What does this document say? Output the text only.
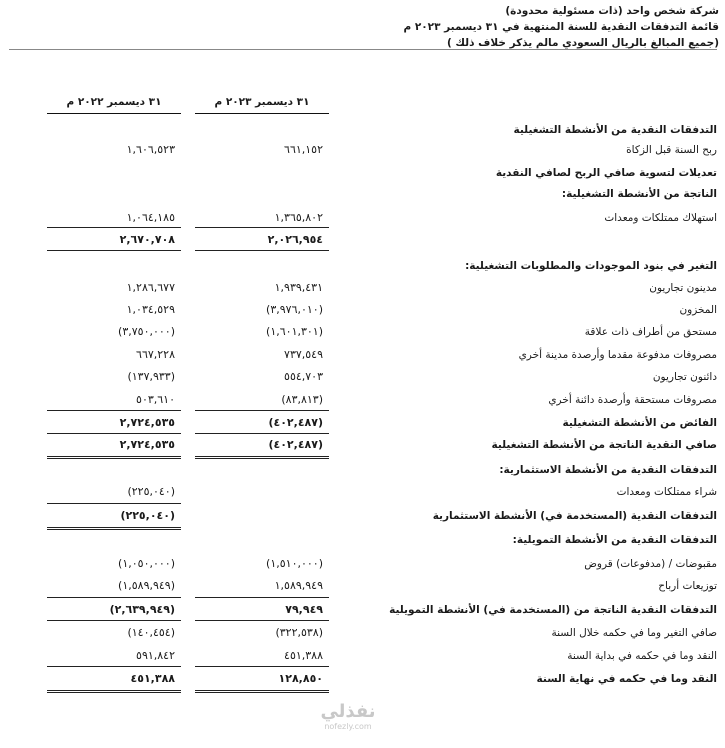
شركة شخص واحد (ذات مسئولية محدودة)
قائمة التدفقات النقدية للسنة المنتهية في ٣١ ديسمبر ٢٠٢٣ م
(جميع المبالغ بالريال السعودي مالم يذكر خلاف ذلك )
٣١ ديسمبر ٢٠٢٣ م
٣١ ديسمبر ٢٠٢٢ م
التدفقات النقدية من الأنشطة التشغيلية
ربح السنة قبل الزكاة
٦٦١,١٥٢
١,٦٠٦,٥٢٣
تعديلات لتسوية صافي الربح لصافي النقدية
الناتجة من الأنشطة التشغيلية:
استهلاك ممتلكات ومعدات
١,٣٦٥,٨٠٢
١,٠٦٤,١٨٥
٢,٠٢٦,٩٥٤
٢,٦٧٠,٧٠٨
التغير في بنود الموجودات والمطلوبات التشغيلية:
مدينون تجاريون
١,٩٣٩,٤٣١
١,٢٨٦,٦٧٧
المخزون
(٣,٩٧٦,٠١٠)
١,٠٣٤,٥٢٩
مستحق من أطراف ذات علاقة
(١,٦٠١,٣٠١)
(٣,٧٥٠,٠٠٠)
مصروفات مدفوعة مقدما وأرصدة مدينة أخري
٧٣٧,٥٤٩
٦٦٧,٢٢٨
دائنون تجاريون
٥٥٤,٧٠٣
(١٣٧,٩٣٣)
مصروفات مستحقة وأرصدة دائنة أخري
(٨٣,٨١٣)
٥٠٣,٦١٠
الفائض من الأنشطة التشغيلية
(٤٠٢,٤٨٧)
٢,٧٢٤,٥٣٥
صافي النقدية الناتجة من الأنشطة التشغيلية
(٤٠٢,٤٨٧)
٢,٧٢٤,٥٣٥
التدفقات النقدية من الأنشطة الاستثمارية:
شراء ممتلكات ومعدات
(٢٢٥,٠٤٠)
التدفقات النقدية (المستخدمة في) الأنشطة الاستثمارية
(٢٢٥,٠٤٠)
التدفقات النقدية من الأنشطة التمويلية:
مقبوضات / (مدفوعات) قروض
(١,٥١٠,٠٠٠)
(١,٠٥٠,٠٠٠)
توزيعات أرباح
١,٥٨٩,٩٤٩
(١,٥٨٩,٩٤٩)
التدفقات النقدية الناتجة من (المستخدمة في) الأنشطة التمويلية
٧٩,٩٤٩
(٢,٦٣٩,٩٤٩)
صافي التغير وما في حكمه خلال السنة
(٣٢٢,٥٣٨)
(١٤٠,٤٥٤)
النقد وما في حكمه في بداية السنة
٤٥١,٣٨٨
٥٩١,٨٤٢
النقد وما في حكمه في نهاية السنة
١٢٨,٨٥٠
٤٥١,٣٨٨
نفذلي
nofezly.com
